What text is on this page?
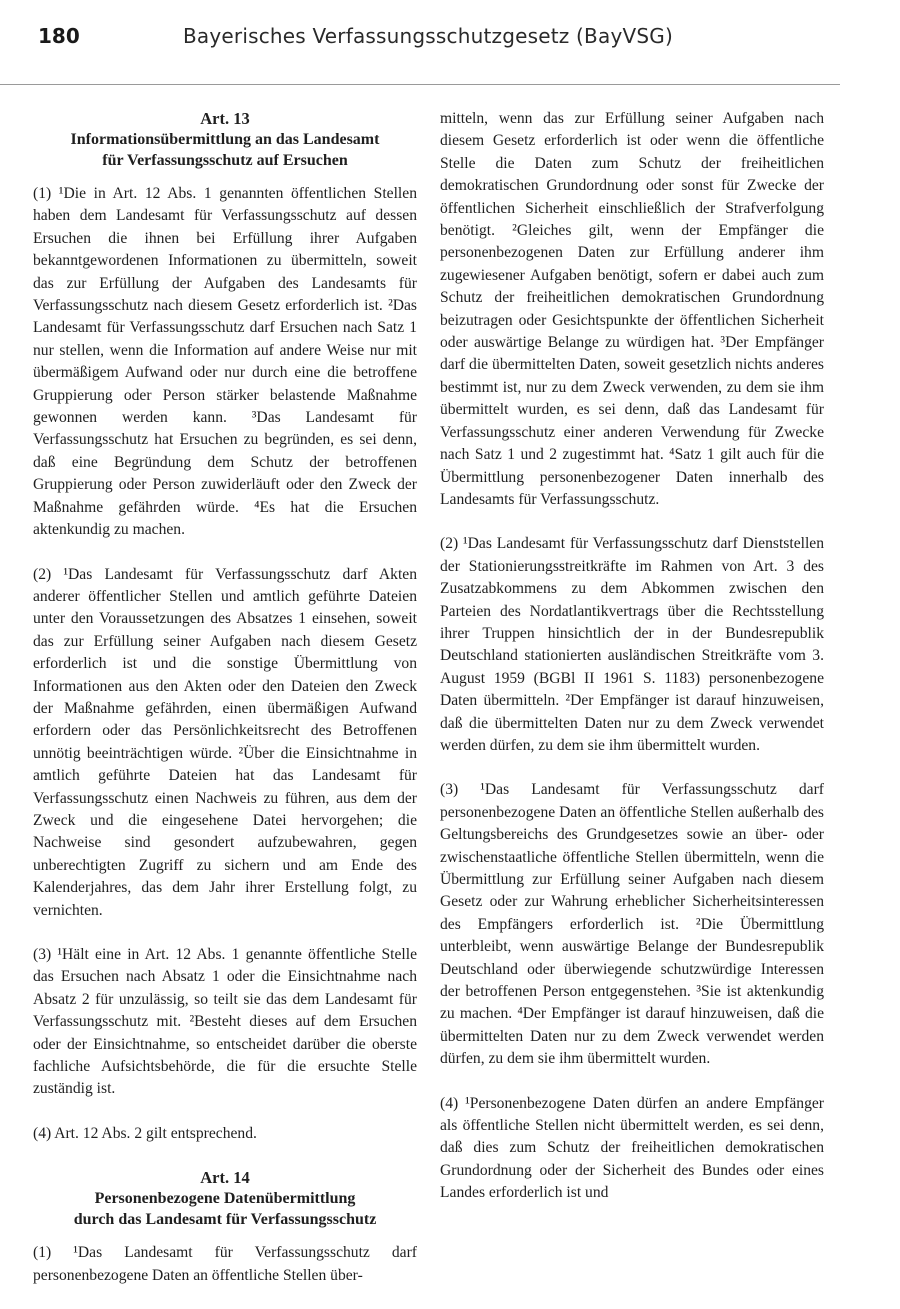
180	Bayerisches Verfassungsschutzgesetz (BayVSG)
Art. 13
Informationsübermittlung an das Landesamt
für Verfassungsschutz auf Ersuchen

(1) ¹Die in Art. 12 Abs. 1 genannten öffentlichen Stellen haben dem Landesamt für Verfassungsschutz auf dessen Ersuchen die ihnen bei Erfüllung ihrer Aufgaben bekanntgewordenen Informationen zu übermitteln, soweit das zur Erfüllung der Aufgaben des Landesamts für Verfassungsschutz nach diesem Gesetz erforderlich ist. ²Das Landesamt für Verfassungsschutz darf Ersuchen nach Satz 1 nur stellen, wenn die Information auf andere Weise nur mit übermäßigem Aufwand oder nur durch eine die betroffene Gruppierung oder Person stärker belastende Maßnahme gewonnen werden kann. ³Das Landesamt für Verfassungsschutz hat Ersuchen zu begründen, es sei denn, daß eine Begründung dem Schutz der betroffenen Gruppierung oder Person zuwiderläuft oder den Zweck der Maßnahme gefährden würde. ⁴Es hat die Ersuchen aktenkundig zu machen.

(2) ¹Das Landesamt für Verfassungsschutz darf Akten anderer öffentlicher Stellen und amtlich geführte Dateien unter den Voraussetzungen des Absatzes 1 einsehen, soweit das zur Erfüllung seiner Aufgaben nach diesem Gesetz erforderlich ist und die sonstige Übermittlung von Informationen aus den Akten oder den Dateien den Zweck der Maßnahme gefährden, einen übermäßigen Aufwand erfordern oder das Persönlichkeitsrecht des Betroffenen unnötig beeinträchtigen würde. ²Über die Einsichtnahme in amtlich geführte Dateien hat das Landesamt für Verfassungsschutz einen Nachweis zu führen, aus dem der Zweck und die eingesehene Datei hervorgehen; die Nachweise sind gesondert aufzubewahren, gegen unberechtigten Zugriff zu sichern und am Ende des Kalenderjahres, das dem Jahr ihrer Erstellung folgt, zu vernichten.

(3) ¹Hält eine in Art. 12 Abs. 1 genannte öffentliche Stelle das Ersuchen nach Absatz 1 oder die Einsichtnahme nach Absatz 2 für unzulässig, so teilt sie das dem Landesamt für Verfassungsschutz mit. ²Besteht dieses auf dem Ersuchen oder der Einsichtnahme, so entscheidet darüber die oberste fachliche Aufsichtsbehörde, die für die ersuchte Stelle zuständig ist.

(4) Art. 12 Abs. 2 gilt entsprechend.

Art. 14
Personenbezogene Datenübermittlung
durch das Landesamt für Verfassungsschutz

(1) ¹Das Landesamt für Verfassungsschutz darf personenbezogene Daten an öffentliche Stellen über-

mitteln, wenn das zur Erfüllung seiner Aufgaben nach diesem Gesetz erforderlich ist oder wenn die öffentliche Stelle die Daten zum Schutz der freiheitlichen demokratischen Grundordnung oder sonst für Zwecke der öffentlichen Sicherheit einschließlich der Strafverfolgung benötigt. ²Gleiches gilt, wenn der Empfänger die personenbezogenen Daten zur Erfüllung anderer ihm zugewiesener Aufgaben benötigt, sofern er dabei auch zum Schutz der freiheitlichen demokratischen Grundordnung beizutragen oder Gesichtspunkte der öffentlichen Sicherheit oder auswärtige Belange zu würdigen hat. ³Der Empfänger darf die übermittelten Daten, soweit gesetzlich nichts anderes bestimmt ist, nur zu dem Zweck verwenden, zu dem sie ihm übermittelt wurden, es sei denn, daß das Landesamt für Verfassungsschutz einer anderen Verwendung für Zwecke nach Satz 1 und 2 zugestimmt hat. ⁴Satz 1 gilt auch für die Übermittlung personenbezogener Daten innerhalb des Landesamts für Verfassungsschutz.

(2) ¹Das Landesamt für Verfassungsschutz darf Dienststellen der Stationierungsstreitkräfte im Rahmen von Art. 3 des Zusatzabkommens zu dem Abkommen zwischen den Parteien des Nordatlantikvertrags über die Rechtsstellung ihrer Truppen hinsichtlich der in der Bundesrepublik Deutschland stationierten ausländischen Streitkräfte vom 3. August 1959 (BGBl II 1961 S. 1183) personenbezogene Daten übermitteln. ²Der Empfänger ist darauf hinzuweisen, daß die übermittelten Daten nur zu dem Zweck verwendet werden dürfen, zu dem sie ihm übermittelt wurden.

(3) ¹Das Landesamt für Verfassungsschutz darf personenbezogene Daten an öffentliche Stellen außerhalb des Geltungsbereichs des Grundgesetzes sowie an über- oder zwischenstaatliche öffentliche Stellen übermitteln, wenn die Übermittlung zur Erfüllung seiner Aufgaben nach diesem Gesetz oder zur Wahrung erheblicher Sicherheitsinteressen des Empfängers erforderlich ist. ²Die Übermittlung unterbleibt, wenn auswärtige Belange der Bundesrepublik Deutschland oder überwiegende schutzwürdige Interessen der betroffenen Person entgegenstehen. ³Sie ist aktenkundig zu machen. ⁴Der Empfänger ist darauf hinzuweisen, daß die übermittelten Daten nur zu dem Zweck verwendet werden dürfen, zu dem sie ihm übermittelt wurden.

(4) ¹Personenbezogene Daten dürfen an andere Empfänger als öffentliche Stellen nicht übermittelt werden, es sei denn, daß dies zum Schutz der freiheitlichen demokratischen Grundordnung oder der Sicherheit des Bundes oder eines Landes erforderlich ist und
